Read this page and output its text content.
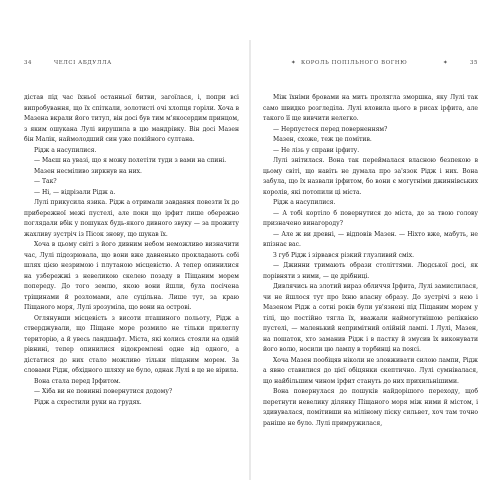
34	ЧЕЛСІ АБДУЛЛА	✶ КОРОЛЬ ПОПІЛЬНОГО ВОГНЮ	✶	35

дістав під час їхньої останньої битви, загоїлася, і, попри всі випробування, що їх спіткали, золотисті очі хлопця горіли. Хоча в Мазена вкрали його титул, він досі був тим м'якосердим принцом, з яким ошукана Лулі вирушила в цю мандрівку. Він досі Мазен бін Малік, наймолодший син уже покійного султана.

Рідж а насупилися.

— Маєш на увазі, що я можу полетіти туди з вами на спині.

Мазен несміливо зиркнув на них.

— Так?

— Ні, — відрізали Рідж а.

Лулі прикусила язика. Рідж а отримали завдання повезти їх до прибережної межі пустелі, але поки що ірфит лише обережно поглядали вбік у пошуках будь-якого дивного звуку — за прожиту жахливу зустріч із Пісок знову, що шукав їх.

Хоча в цьому світі з його дивним небом неможливо визначити час, Лулі підозрювала, що вони вже давненько прокладають собі шлях цією незримою і плутаною місцевістю. А тепер опинилися на узбережжі з невеликою скелею позаду в Піщаним морем попереду. До того землю, якою вони йшли, була посічена тріщинами й розломами, але суцільна. Лише тут, за краю Піщаного моря, Лулі зрозуміла, що вони на острові.

Оглянувши місцевість з висоти пташиного польоту, Рідж а стверджували, що Піщане море розмило не тільки прилеглу територію, а й увесь ландшафт. Міста, які колись стояли на одній рівнині, тепер опинилися відокремлені одне від одного, а дістатися до них стало можливо тільки піщаним морем. За словами Рідж, обхідного шляху не було, однак Лулі в це не вірила.

Вона стала перед Ірфитом.

— Хіба ви не повинні повернутися додому?

Рідж а схрестили руки на грудях.

Між їхніми бровами на мить пролягла зморшка, яку Лулі так само швидко розгледіла. Лулі вловила цього в рисах ірфита, але такого її ще вивчити нелегко.

— Нерпустеся перед поверненням?

Мазен, схоже, теж це помітив.

— Не лізь у справи ірфиту.

Лулі знітилася. Вона так переймалася власною безпекою в цьому світі, що навіть не думала про за'язок Рідж і них. Вона забула, що їх назвали ірфитом, бо вони є могутніми джиннівських королів, які потопили ці міста.

Рідж а насупилися.

— А тобі кортіло б повернутися до міста, де за твою голову призначено винагороду?

— Але ж ви древні, — відповів Мазен. — Ніхто вже, мабуть, не впізнає вас.

З губ Рідж і зірвався різкий глузливий сміх.

— Джинни тримають образи століттями. Людської досі, як порівняти з ними, — це дрібниці.

Дивлячись на злотий вираз обличчя Ірфита, Лулі замислилася, чи не йшлося тут про їхню власну образу. До зустрічі з нею і Мазеном Рідж а сотні років були ув'язнені під Піщаним морем у тілі, що постійно тягла їх, вважали наймогутнішою реліквією пустелі, — маленький непримітний олійній лампі. І Лулі, Мазен, на пошаток, хто заманив Рідж і в пастку й змусив їх виконувати його волю, носили цю лампу в торбинці на поясі.

Хоча Мазен пообіцяв ніколи не зловживати силою лампи, Рідж а явно ставилися до цієї обіцянки скептично. Лулі сумнівалася, що найбільшим чином ірфит стануть до них прихильнішими.

Вона повернулася до пошуків найдорішого переходу, щоб перетнути невелику ділянку Піщаного моря між ними й містом, і здивувалася, помітивши на міліному піску сильвет, хоч там точно раніше не було. Лулі примружилася,
